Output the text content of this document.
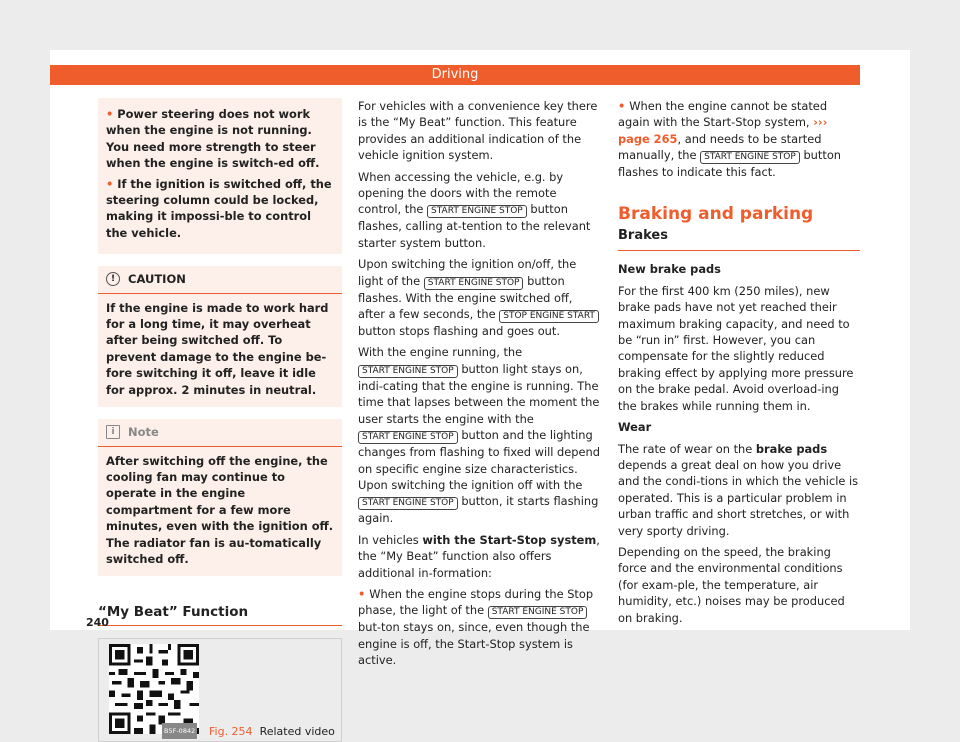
Driving

• Power steering does not work when the engine is not running. You need more strength to steer when the engine is switch-ed off.

• If the ignition is switched off, the steering column could be locked, making it impossi-ble to control the vehicle.

!	CAUTION
If the engine is made to work hard for a long time, it may overheat after being switched off. To prevent damage to the engine be-fore switching it off, leave it idle for approx. 2 minutes in neutral.
i	Note
After switching off the engine, the cooling fan may continue to operate in the engine compartment for a few more minutes, even with the ignition off. The radiator fan is au-tomatically switched off.
“My Beat” Function
B5F-0842 Fig. 254 Related video

For vehicles with a convenience key there is the “My Beat” function. This feature provides an additional indication of the vehicle ignition system.

When accessing the vehicle, e.g. by opening the doors with the remote control, the START ENGINE STOP button flashes, calling at-tention to the relevant starter system button.

Upon switching the ignition on/off, the light of the START ENGINE STOP button flashes. With the engine switched off, after a few seconds, the STOP ENGINE START button stops flashing and goes out.

With the engine running, the START ENGINE STOP button light stays on, indi-cating that the engine is running. The time that lapses between the moment the user starts the engine with the START ENGINE STOP button and the lighting changes from flashing to fixed will depend on specific engine size characteristics. Upon switching the ignition off with the START ENGINE STOP button, it starts flashing again.

In vehicles with the Start-Stop system, the “My Beat” function also offers additional in-formation:

• When the engine stops during the Stop phase, the light of the START ENGINE STOP but-ton stays on, since, even though the engine is off, the Start-Stop system is active.

• When the engine cannot be stated again with the Start-Stop system, ››› page 265, and needs to be started manually, the START ENGINE STOP button flashes to indicate this fact.

Braking and parking
Brakes

New brake pads

For the first 400 km (250 miles), new brake pads have not yet reached their maximum braking capacity, and need to be “run in” first. However, you can compensate for the slightly reduced braking effect by applying more pressure on the brake pedal. Avoid overload-ing the brakes while running them in.

Wear

The rate of wear on the brake pads depends a great deal on how you drive and the condi-tions in which the vehicle is operated. This is a particular problem in urban traffic and short stretches, or with very sporty driving.

Depending on the speed, the braking force and the environmental conditions (for exam-ple, the temperature, air humidity, etc.) noises may be produced on braking.

240
